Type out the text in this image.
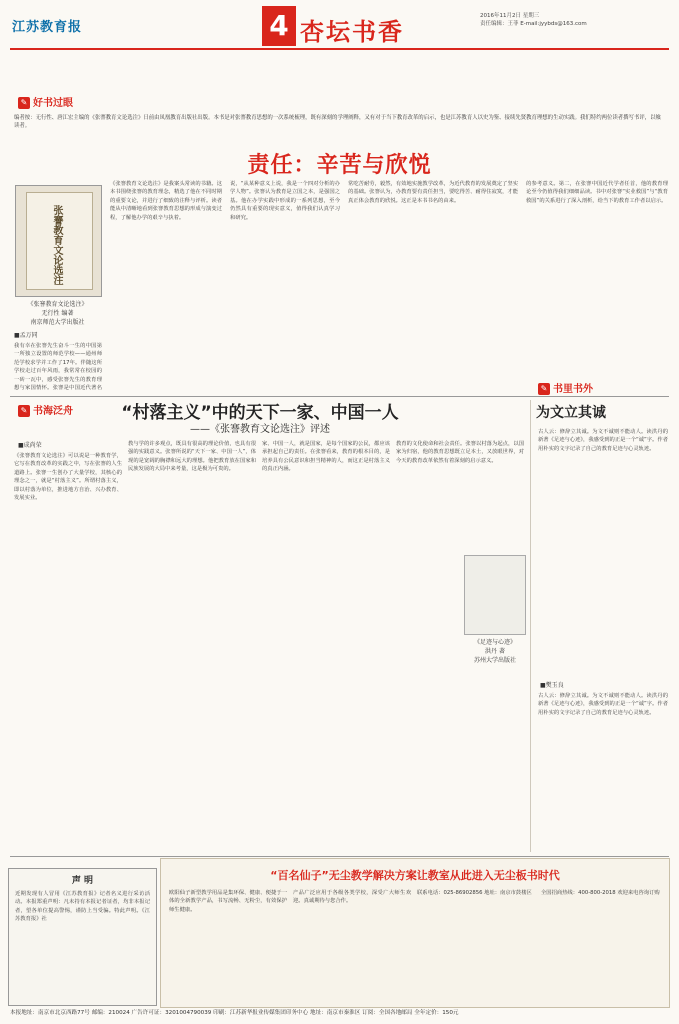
江苏教育报	4 杏坛书香
2016年11月2日 星期三
责任编辑：王菲 E-mail:jyybds@163.com
✎ 好书过眼
编者按：无行性、唐江宏主编的《张謇教育文论选注》日前由凤凰教育出版社出版。本书是对张謇教育思想的一次系统梳理，既有深刻的学理阐释，又有对于当下教育改革的启示，也是江苏教育人以史为鉴、接续先贤教育理想的生动实践。我们特约两位读者撰写书评，以飨读者。
责任：辛苦与欣悦
张謇教育文论选注
《张謇教育文论选注》
无行性 编著
南京师范大学出版社
■孟万同
我有幸在张謇先生奋斗一生的中国第一所独立设置的师范学校——通州师范学校求学并工作了17年。伴随这所学校走过百年风雨，我常常在校园的一砖一瓦中，感受张謇先生的教育理想与家国情怀。张謇是中国近代著名
《张謇教育文论选注》是我案头常读的书籍。这本书围绕张謇的教育理念，精选了他在不同时期的重要文论，并进行了细致的注释与评析。读者能从中清晰地看到张謇教育思想的形成与演变过程，了解他办学的艰辛与执着。
说，“从某种意义上说，我是一个四对分析的办学人物”。张謇认为教育是立国之本，是强国之基。他在办学实践中形成的一系列思想，至今仍然具有重要的现实意义，值得我们认真学习和研究。
常吃苦耐劳，毅然，有效地实施教学改革，为近代教育的发展奠定了坚实的基础。张謇认为，办教育要有责任担当，要吃得苦、耐得住寂寞，才能真正体会教育的欣悦。这正是本书书名的由来。
的参考意义。第二，在张謇中国近代学者任首，他的教育理论至今仍值得我们细细品读。书中对张謇“实业救国”与“教育救国”的关系进行了深入剖析，给当下的教育工作者以启示。
✎ 书海泛舟	“村落主义”中的天下一家、中国一人
——《张謇教育文论选注》评述
■成尚荣
《张謇教育文论选注》可以说是一种教育学，它写在教育改革的实践之中，写在张謇的人生道路上。张謇一生创办了大量学校，其核心的理念之一，就是“村落主义”。所谓村落主义，即以村落为单位，推进地方自治、兴办教育、发展实业。
教与学的许多观点，既具有很高的理论价值，也具有很强的实践意义。张謇所说的“天下一家、中国一人”，体现的是宽阔的胸襟和远大的理想。他把教育放在国家和民族发展的大局中来考量，这是极为可贵的。
家、中国一人，就是国家，是每个国家的公民，都应该承担起自己的责任。在张謇看来，教育的根本目的，是培养具有公民意识和担当精神的人，而这正是村落主义的真正内涵。
教育的文化使命和社会责任。张謇以村落为起点，以国家为归宿，他的教育思想既立足本土，又放眼世界，对今天的教育改革依然有着深刻的启示意义。
✎ 书里书外
为文立其诚
《足迹与心迹》
洪丹 著
苏州大学出版社
■樊玉良
古人云：修辞立其诚。为文不诚则不能动人。读洪丹的新著《足迹与心迹》，我感受到的正是一个“诚”字。作者用朴实的文字记录了自己的教育足迹与心灵轨迹。
古人云：修辞立其诚。为文不诚则不能动人。读洪丹的新著《足迹与心迹》，我感受到的正是一个“诚”字。作者用朴实的文字记录了自己的教育足迹与心灵轨迹。
声 明
近期发现有人冒用《江苏教育报》记者名义进行采访活动。本报郑重声明：凡未持有本报记者证者，均非本报记者，望各单位提高警惕，谨防上当受骗。特此声明。《江苏教育报》社
“百名仙子”无尘教学解决方案让教室从此进入无尘板书时代
欧阳仙子新型教学用品是集环保、健康、便捷于一体的全新教学产品，书写流畅、无粉尘，有效保护师生健康。
产品广泛应用于各级各类学校，深受广大师生欢迎。真诚期待与您合作。
联系电话：025-86902856 地址：南京市鼓楼区	全国招商热线：400-800-2018 欢迎来电咨询订购
本报地址：南京市北京西路77号 邮编：210024 广告许可证：3201004790039 印刷：江苏新华报业传媒集团印务中心 地址：南京市秦淮区 订阅：全国各地邮局 全年定价：150元
